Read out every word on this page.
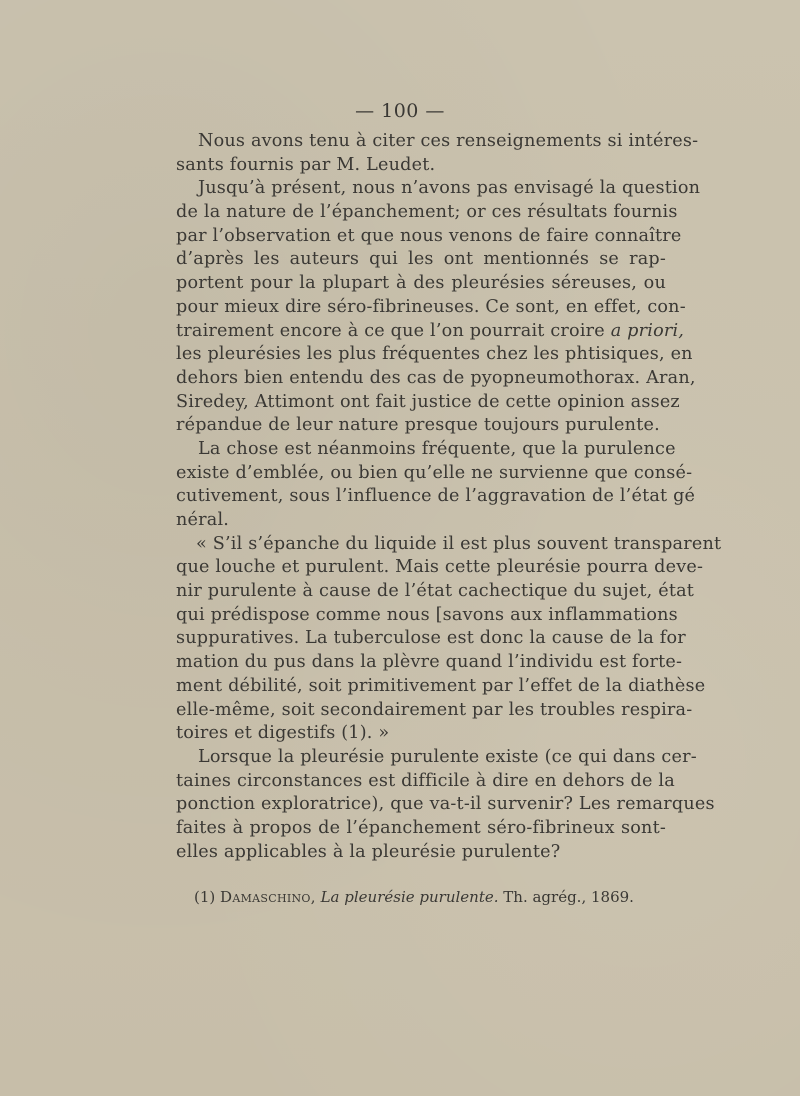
— 100 —
Nous avons tenu à citer ces renseignements si intéres-
sants fournis par M. Leudet.
Jusqu’à présent, nous n’avons pas envisagé la question
de la nature de l’épanchement; or ces résultats fournis
par l’observation et que nous venons de faire connaître
d’après les auteurs qui les ont mentionnés se rap-
portent pour la plupart à des pleurésies séreuses, ou
pour mieux dire séro-fibrineuses. Ce sont, en effet, con-
trairement encore à ce que l’on pourrait croire a priori,
les pleurésies les plus fréquentes chez les phtisiques, en
dehors bien entendu des cas de pyopneumothorax. Aran,
Siredey, Attimont ont fait justice de cette opinion assez
répandue de leur nature presque toujours purulente.
La chose est néanmoins fréquente, que la purulence
existe d’emblée, ou bien qu’elle ne survienne que consé-
cutivement, sous l’influence de l’aggravation de l’état gé
néral.
« S’il s’épanche du liquide il est plus souvent transparent
que louche et purulent. Mais cette pleurésie pourra deve-
nir purulente à cause de l’état cachectique du sujet, état
qui prédispose comme nous [savons aux inflammations
suppuratives. La tuberculose est donc la cause de la for
mation du pus dans la plèvre quand l’individu est forte-
ment débilité, soit primitivement par l’effet de la diathèse
elle-même, soit secondairement par les troubles respira-
toires et digestifs (1). »
Lorsque la pleurésie purulente existe (ce qui dans cer-
taines circonstances est difficile à dire en dehors de la
ponction exploratrice), que va-t-il survenir? Les remarques
faites à propos de l’épanchement séro-fibrineux sont-
elles applicables à la pleurésie purulente?
(1) Damaschino, La pleurésie purulente. Th. agrég., 1869.
